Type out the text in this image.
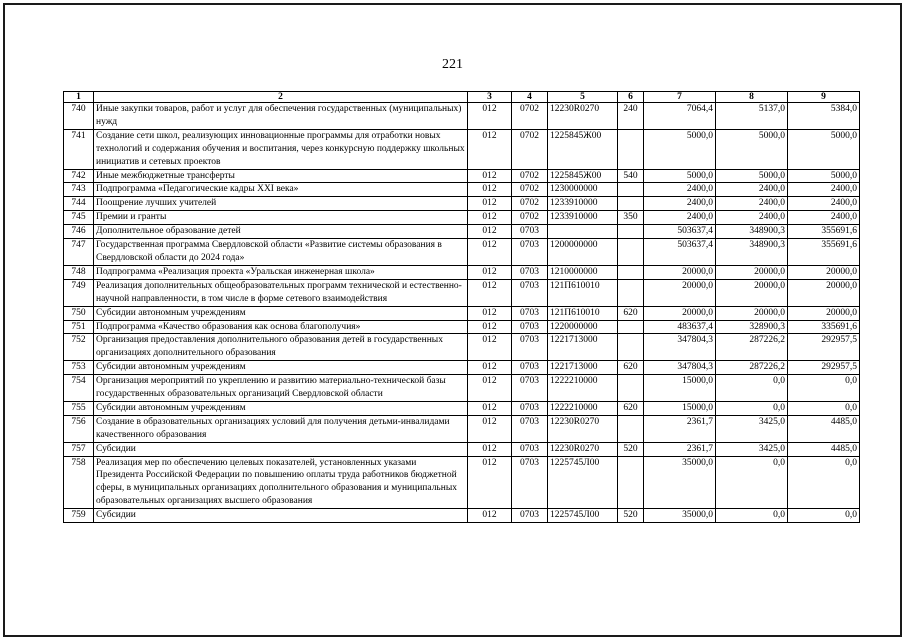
221
1	2	3	4	5	6	7	8	9
740	Иные закупки товаров, работ и услуг для обеспечения государственных (муниципальных) нужд	012	0702	12230R0270	240	7064,4	5137,0	5384,0
741	Создание сети школ, реализующих инновационные программы для отработки новых технологий и содержания обучения и воспитания, через конкурсную поддержку школьных инициатив и сетевых проектов	012	0702	1225845Ж00		5000,0	5000,0	5000,0
742	Иные межбюджетные трансферты	012	0702	1225845Ж00	540	5000,0	5000,0	5000,0
743	Подпрограмма «Педагогические кадры XXI века»	012	0702	1230000000		2400,0	2400,0	2400,0
744	Поощрение лучших учителей	012	0702	1233910000		2400,0	2400,0	2400,0
745	Премии и гранты	012	0702	1233910000	350	2400,0	2400,0	2400,0
746	Дополнительное образование детей	012	0703			503637,4	348900,3	355691,6
747	Государственная программа Свердловской области «Развитие системы образования в Свердловской области до 2024 года»	012	0703	1200000000		503637,4	348900,3	355691,6
748	Подпрограмма «Реализация проекта «Уральская инженерная школа»	012	0703	1210000000		20000,0	20000,0	20000,0
749	Реализация дополнительных общеобразовательных программ технической и естественно-научной направленности, в том числе в форме сетевого взаимодействия	012	0703	121П610010		20000,0	20000,0	20000,0
750	Субсидии автономным учреждениям	012	0703	121П610010	620	20000,0	20000,0	20000,0
751	Подпрограмма «Качество образования как основа благополучия»	012	0703	1220000000		483637,4	328900,3	335691,6
752	Организация предоставления дополнительного образования детей в государственных организациях дополнительного образования	012	0703	1221713000		347804,3	287226,2	292957,5
753	Субсидии автономным учреждениям	012	0703	1221713000	620	347804,3	287226,2	292957,5
754	Организация мероприятий по укреплению и развитию материально-технической базы государственных образовательных организаций Свердловской области	012	0703	1222210000		15000,0	0,0	0,0
755	Субсидии автономным учреждениям	012	0703	1222210000	620	15000,0	0,0	0,0
756	Создание в образовательных организациях условий для получения детьми-инвалидами качественного образования	012	0703	12230R0270		2361,7	3425,0	4485,0
757	Субсидии	012	0703	12230R0270	520	2361,7	3425,0	4485,0
758	Реализация мер по обеспечению целевых показателей, установленных указами Президента Российской Федерации по повышению оплаты труда работников бюджетной сферы, в муниципальных организациях дополнительного образования и муниципальных образовательных организациях высшего образования	012	0703	1225745Л00		35000,0	0,0	0,0
759	Субсидии	012	0703	1225745Л00	520	35000,0	0,0	0,0
